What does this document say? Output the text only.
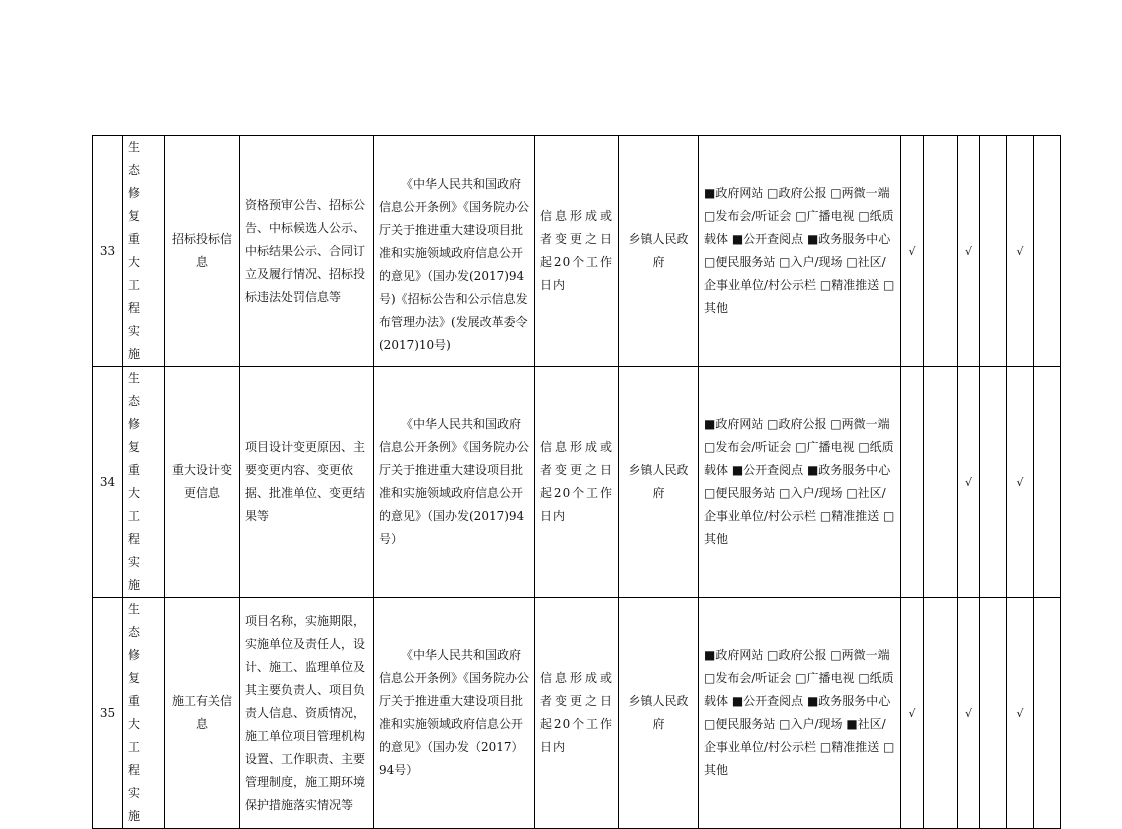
33	生态修复重大工程实施	招标投标信息	资格预审公告、招标公告、中标候选人公示、中标结果公示、合同订立及履行情况、招标投标违法处罚信息等	《中华人民共和国政府信息公开条例》《国务院办公厅关于推进重大建设项目批准和实施领域政府信息公开的意见》（国办发(2017)94号)《招标公告和公示信息发布管理办法》(发展改革委令(2017)10号)	信息形成或者变更之日起20个工作日内	乡镇人民政府	■政府网站 □政府公报 □两微一端 □发布会/听证会 □广播电视 □纸质载体 ■公开查阅点 ■政务服务中心 □便民服务站 □入户/现场 □社区/企事业单位/村公示栏 □精准推送 □其他	√		√		√	
34	生态修复重大工程实施	重大设计变更信息	项目设计变更原因、主要变更内容、变更依据、批准单位、变更结果等	《中华人民共和国政府信息公开条例》《国务院办公厅关于推进重大建设项目批准和实施领域政府信息公开的意见》（国办发(2017)94号）	信息形成或者变更之日起20个工作日内	乡镇人民政府	■政府网站 □政府公报 □两微一端 □发布会/听证会 □广播电视 □纸质载体 ■公开查阅点 ■政务服务中心 □便民服务站 □入户/现场 □社区/企事业单位/村公示栏 □精准推送 □其他			√		√	
35	生态修复重大工程实施	施工有关信息	项目名称，实施期限，实施单位及责任人，设计、施工、监理单位及其主要负责人、项目负责人信息、资质情况，施工单位项目管理机构设置、工作职责、主要管理制度，施工期环境保护措施落实情况等	《中华人民共和国政府信息公开条例》《国务院办公厅关于推进重大建设项目批准和实施领域政府信息公开的意见》（国办发（2017）94号）	信息形成或者变更之日起20个工作日内	乡镇人民政府	■政府网站 □政府公报 □两微一端 □发布会/听证会 □广播电视 □纸质载体 ■公开查阅点 ■政务服务中心 □便民服务站 □入户/现场 ■社区/企事业单位/村公示栏 □精准推送 □其他	√		√		√	
